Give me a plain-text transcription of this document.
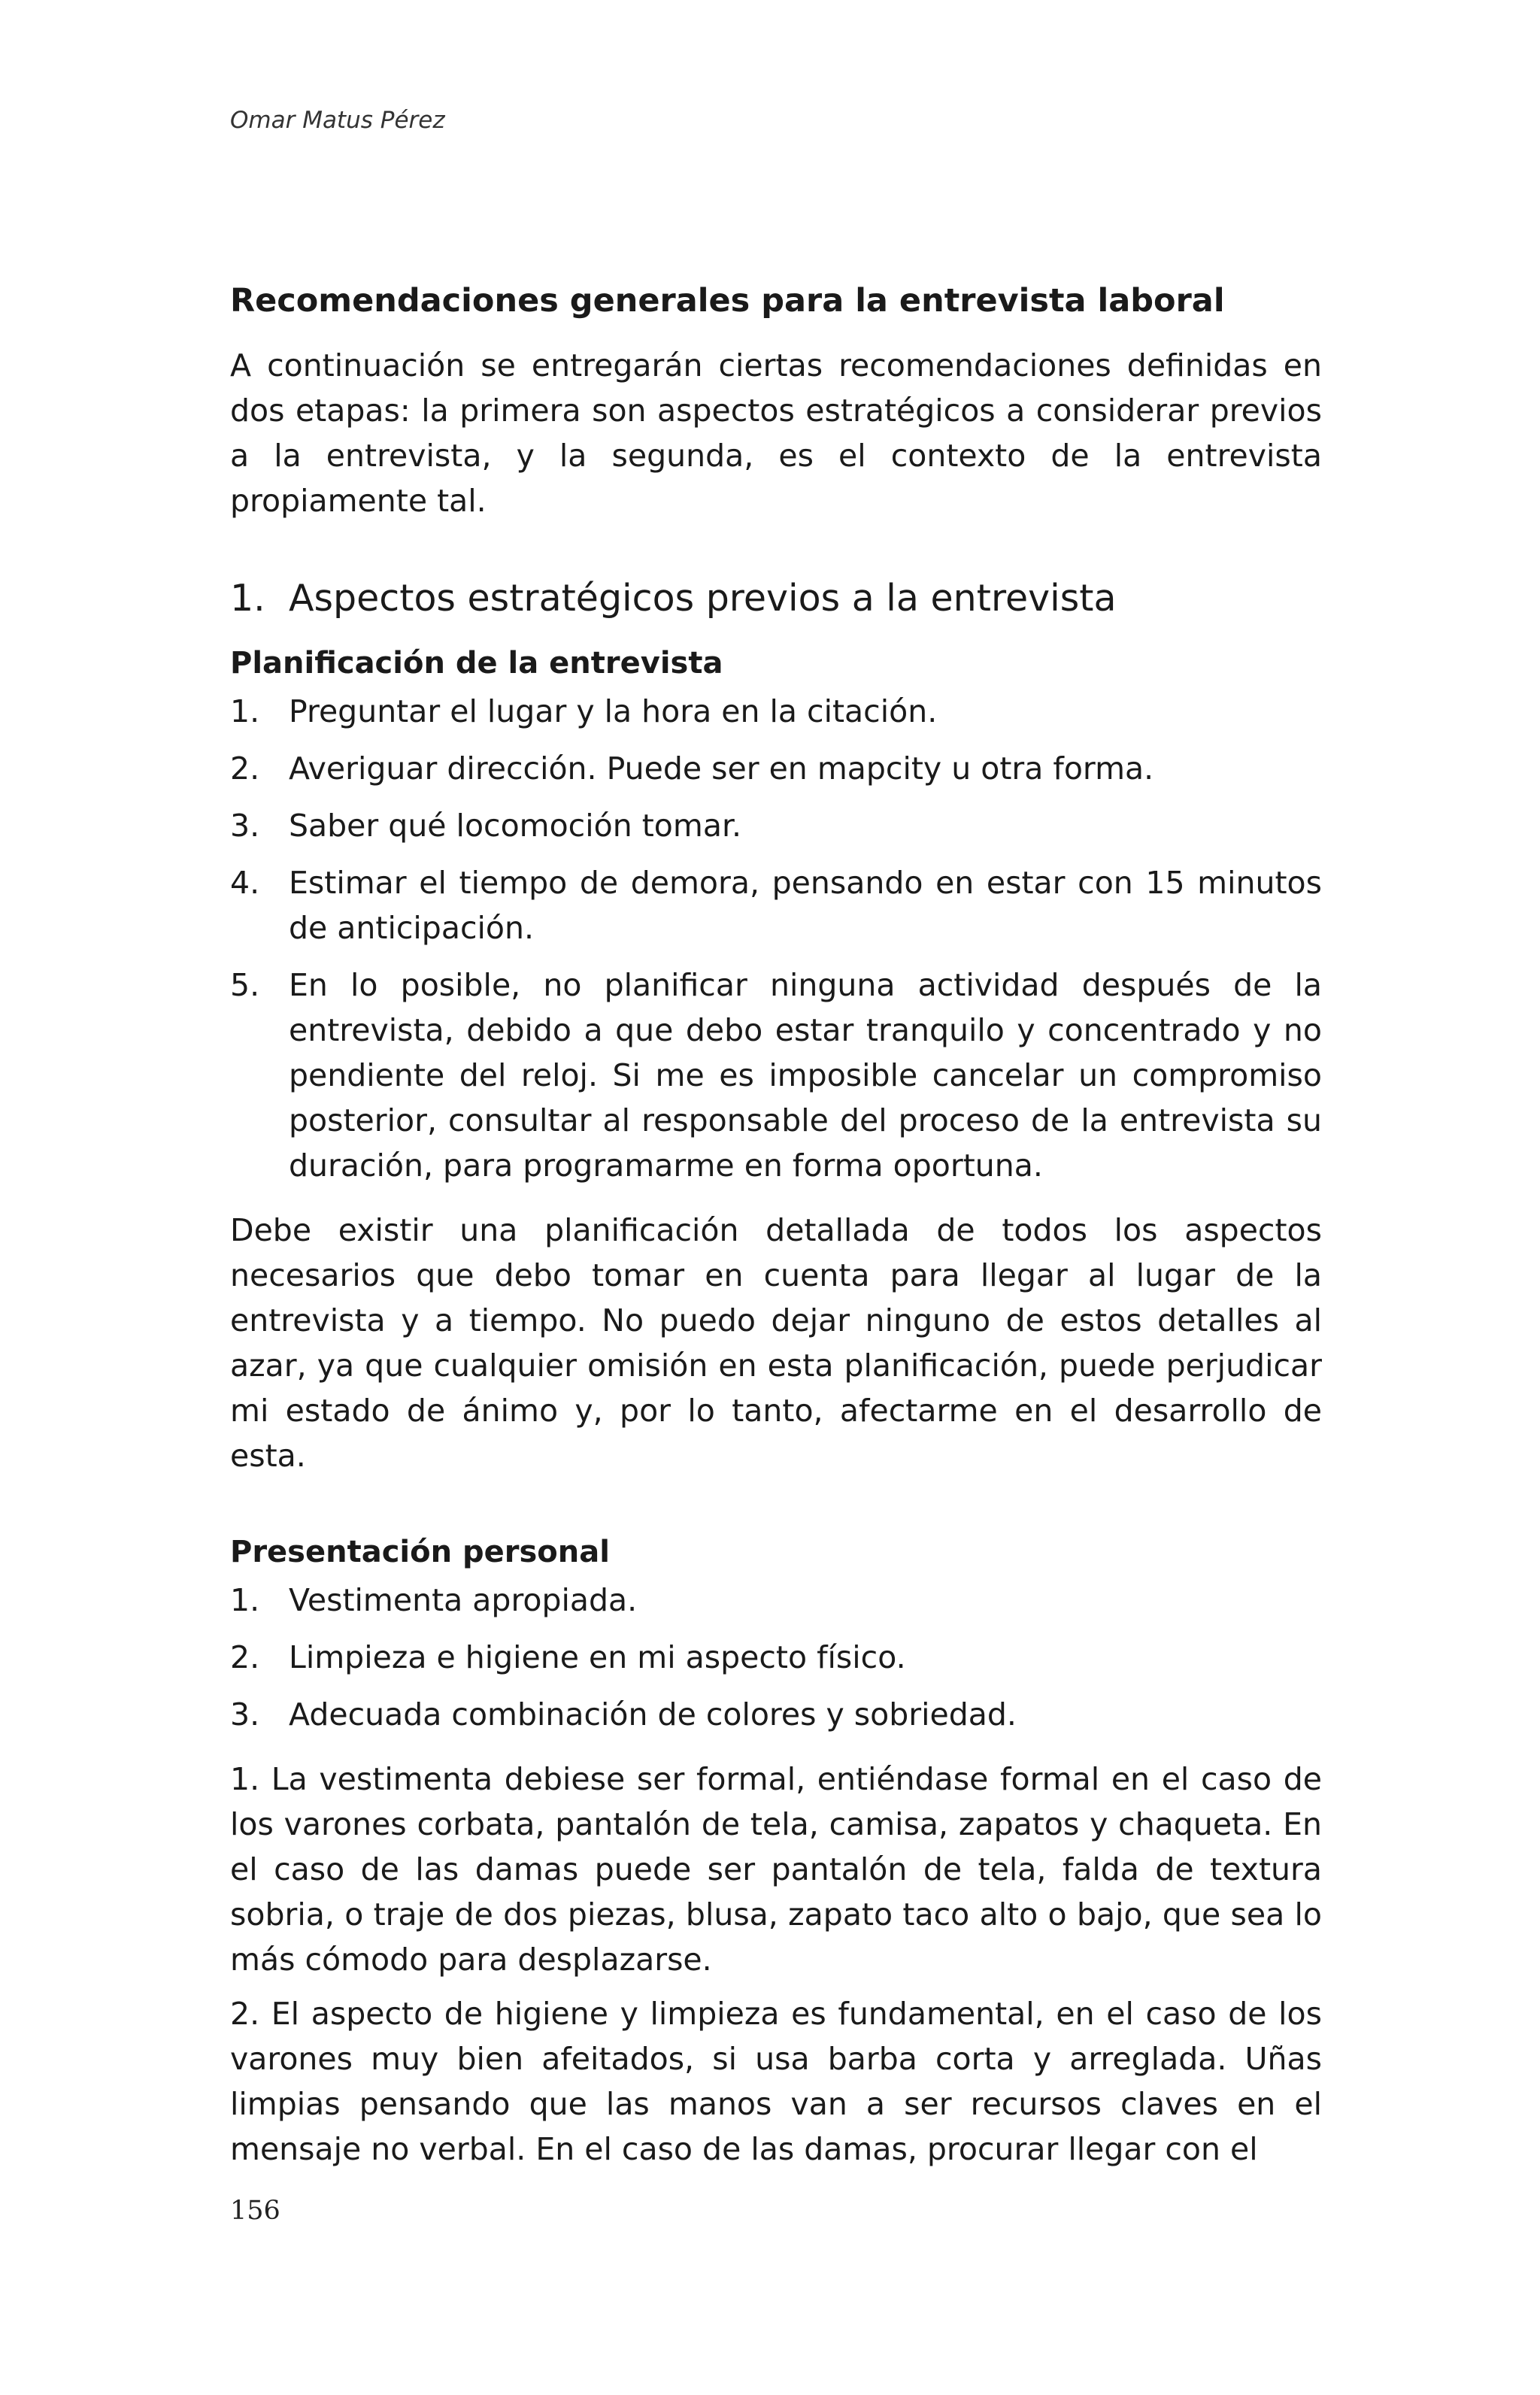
Omar Matus Pérez
Recomendaciones generales para la entrevista laboral

A continuación se entregarán ciertas recomendaciones definidas en dos etapas: la primera son aspectos estratégicos a considerar previos a la entrevista, y la segunda, es el contexto de la entrevista propiamente tal.

1. Aspectos estratégicos previos a la entrevista
Planificación de la entrevista
1. Preguntar el lugar y la hora en la citación.
2. Averiguar dirección. Puede ser en mapcity u otra forma.
3. Saber qué locomoción tomar.
4. Estimar el tiempo de demora, pensando en estar con 15 minutos de anticipación.
5. En lo posible, no planificar ninguna actividad después de la entrevista, debido a que debo estar tranquilo y concentrado y no pendiente del reloj. Si me es imposible cancelar un compromiso posterior, consultar al responsable del proceso de la entrevista su duración, para programarme en forma oportuna.

Debe existir una planificación detallada de todos los aspectos necesarios que debo tomar en cuenta para llegar al lugar de la entrevista y a tiempo. No puedo dejar ninguno de estos detalles al azar, ya que cualquier omisión en esta planificación, puede perjudicar mi estado de ánimo y, por lo tanto, afectarme en el desarrollo de esta.

Presentación personal
1. Vestimenta apropiada.
2. Limpieza e higiene en mi aspecto físico.
3. Adecuada combinación de colores y sobriedad.

1. La vestimenta debiese ser formal, entiéndase formal en el caso de los varones corbata, pantalón de tela, camisa, zapatos y chaqueta. En el caso de las damas puede ser pantalón de tela, falda de textura sobria, o traje de dos piezas, blusa, zapato taco alto o bajo, que sea lo más cómodo para desplazarse.

2. El aspecto de higiene y limpieza es fundamental, en el caso de los varones muy bien afeitados, si usa barba corta y arreglada. Uñas limpias pensando que las manos van a ser recursos claves en el mensaje no verbal. En el caso de las damas, procurar llegar con el

156
